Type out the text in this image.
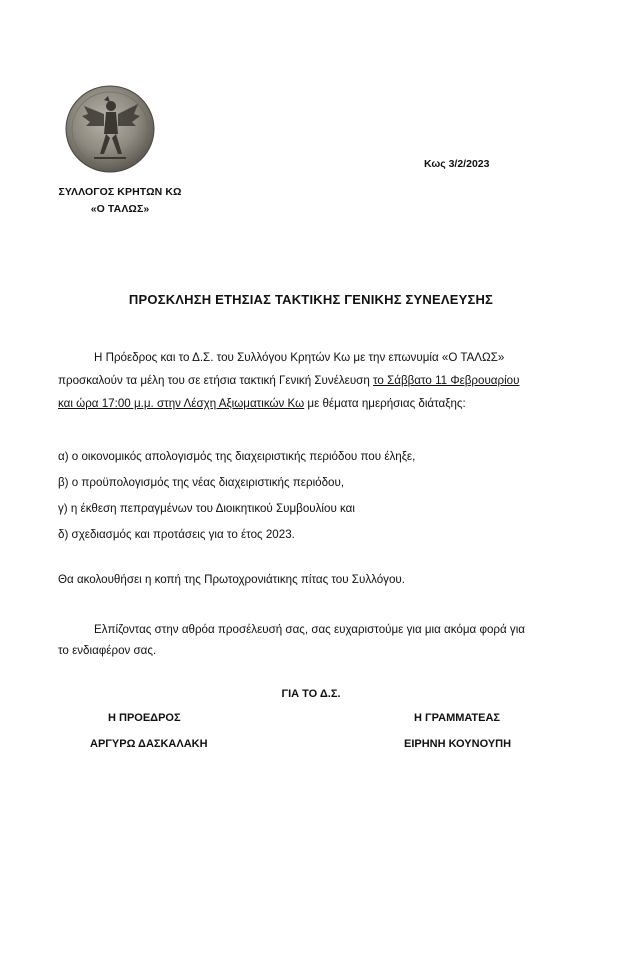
ΣΥΛΛΟΓΟΣ ΚΡΗΤΩΝ ΚΩ
«Ο ΤΑΛΩΣ»
Κως 3/2/2023
ΠΡΟΣΚΛΗΣΗ ΕΤΗΣΙΑΣ ΤΑΚΤΙΚΗΣ ΓΕΝΙΚΗΣ ΣΥΝΕΛΕΥΣΗΣ
Η Πρόεδρος και το Δ.Σ. του Συλλόγου Κρητών Κω με την επωνυμία «Ο ΤΑΛΩΣ»
προσκαλούν τα μέλη του σε ετήσια τακτική Γενική Συνέλευση το Σάββατο 11 Φεβρουαρίου
και ώρα 17:00 μ.μ. στην Λέσχη Αξιωματικών Κω με θέματα ημερήσιας διάταξης:
α) ο οικονομικός απολογισμός της διαχειριστικής περιόδου που έληξε,
β) ο προϋπολογισμός της νέας διαχειριστικής περιόδου,
γ) η έκθεση πεπραγμένων του Διοικητικού Συμβουλίου και
δ) σχεδιασμός και προτάσεις για το έτος 2023.
Θα ακολουθήσει η κοπή της Πρωτοχρονιάτικης πίτας του Συλλόγου.
Ελπίζοντας στην αθρόα προσέλευσή σας, σας ευχαριστούμε για μια ακόμα φορά για
το ενδιαφέρον σας.
ΓΙΑ ΤΟ Δ.Σ.
Η ΠΡΟΕΔΡΟΣ	Η ΓΡΑΜΜΑΤΕΑΣ
ΑΡΓΥΡΩ ΔΑΣΚΑΛΑΚΗ	ΕΙΡΗΝΗ ΚΟΥΝΟΥΠΗ
